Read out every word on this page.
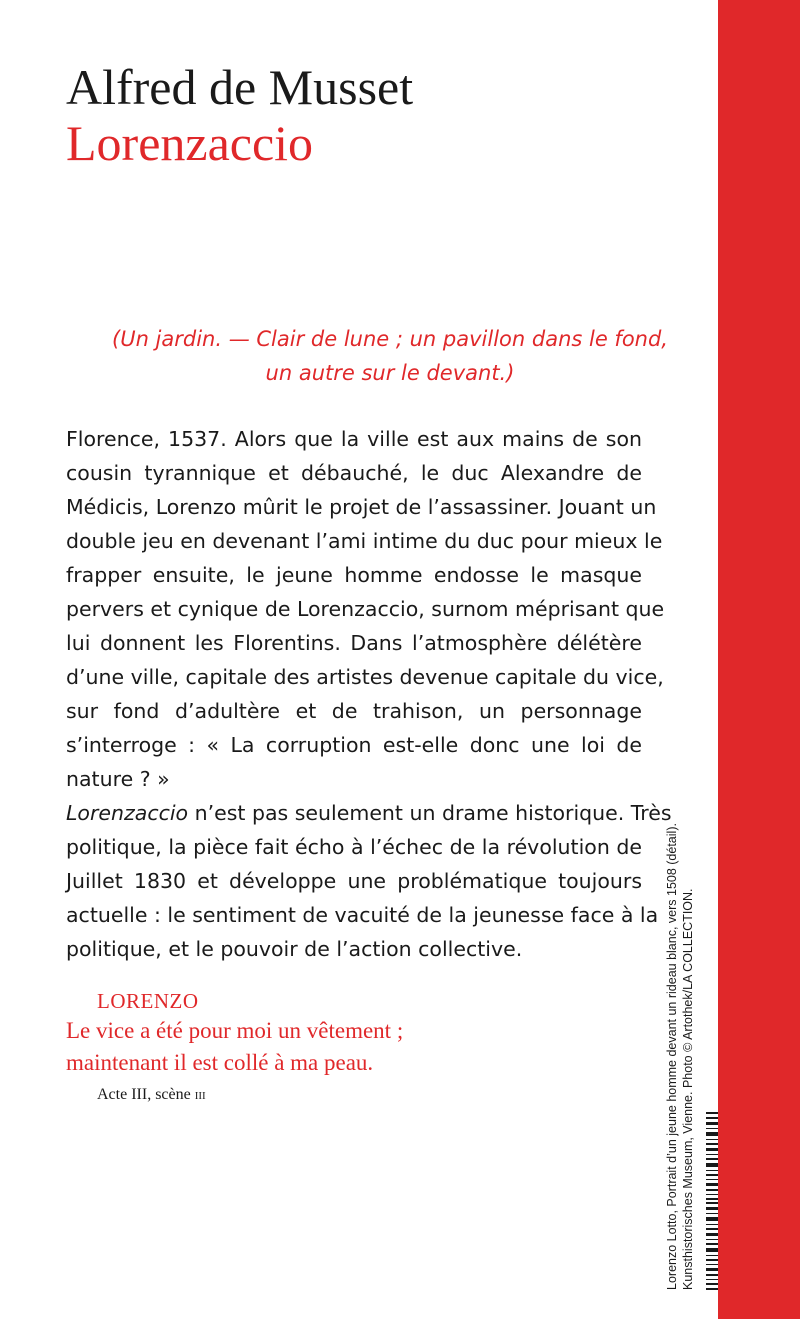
Alfred de Musset
Lorenzaccio
(Un jardin. — Clair de lune ; un pavillon dans le fond,
un autre sur le devant.)
Florence, 1537. Alors que la ville est aux mains de son
cousin tyrannique et débauché, le duc Alexandre de
Médicis, Lorenzo mûrit le projet de l’assassiner. Jouant un
double jeu en devenant l’ami intime du duc pour mieux le
frapper ensuite, le jeune homme endosse le masque
pervers et cynique de Lorenzaccio, surnom méprisant que
lui donnent les Florentins. Dans l’atmosphère délétère
d’une ville, capitale des artistes devenue capitale du vice,
sur fond d’adultère et de trahison, un personnage
s’interroge : « La corruption est-elle donc une loi de
nature ? »
Lorenzaccio n’est pas seulement un drame historique. Très
politique, la pièce fait écho à l’échec de la révolution de
Juillet 1830 et développe une problématique toujours
actuelle : le sentiment de vacuité de la jeunesse face à la
politique, et le pouvoir de l’action collective.
LORENZO
Le vice a été pour moi un vêtement ;
maintenant il est collé à ma peau.
Acte III, scène iii	Lorenzo Lotto, Portrait d’un jeune homme devant un rideau blanc, vers 1508 (détail). Kunsthistorisches Museum, Vienne. Photo © Artothek/LA COLLECTION.
